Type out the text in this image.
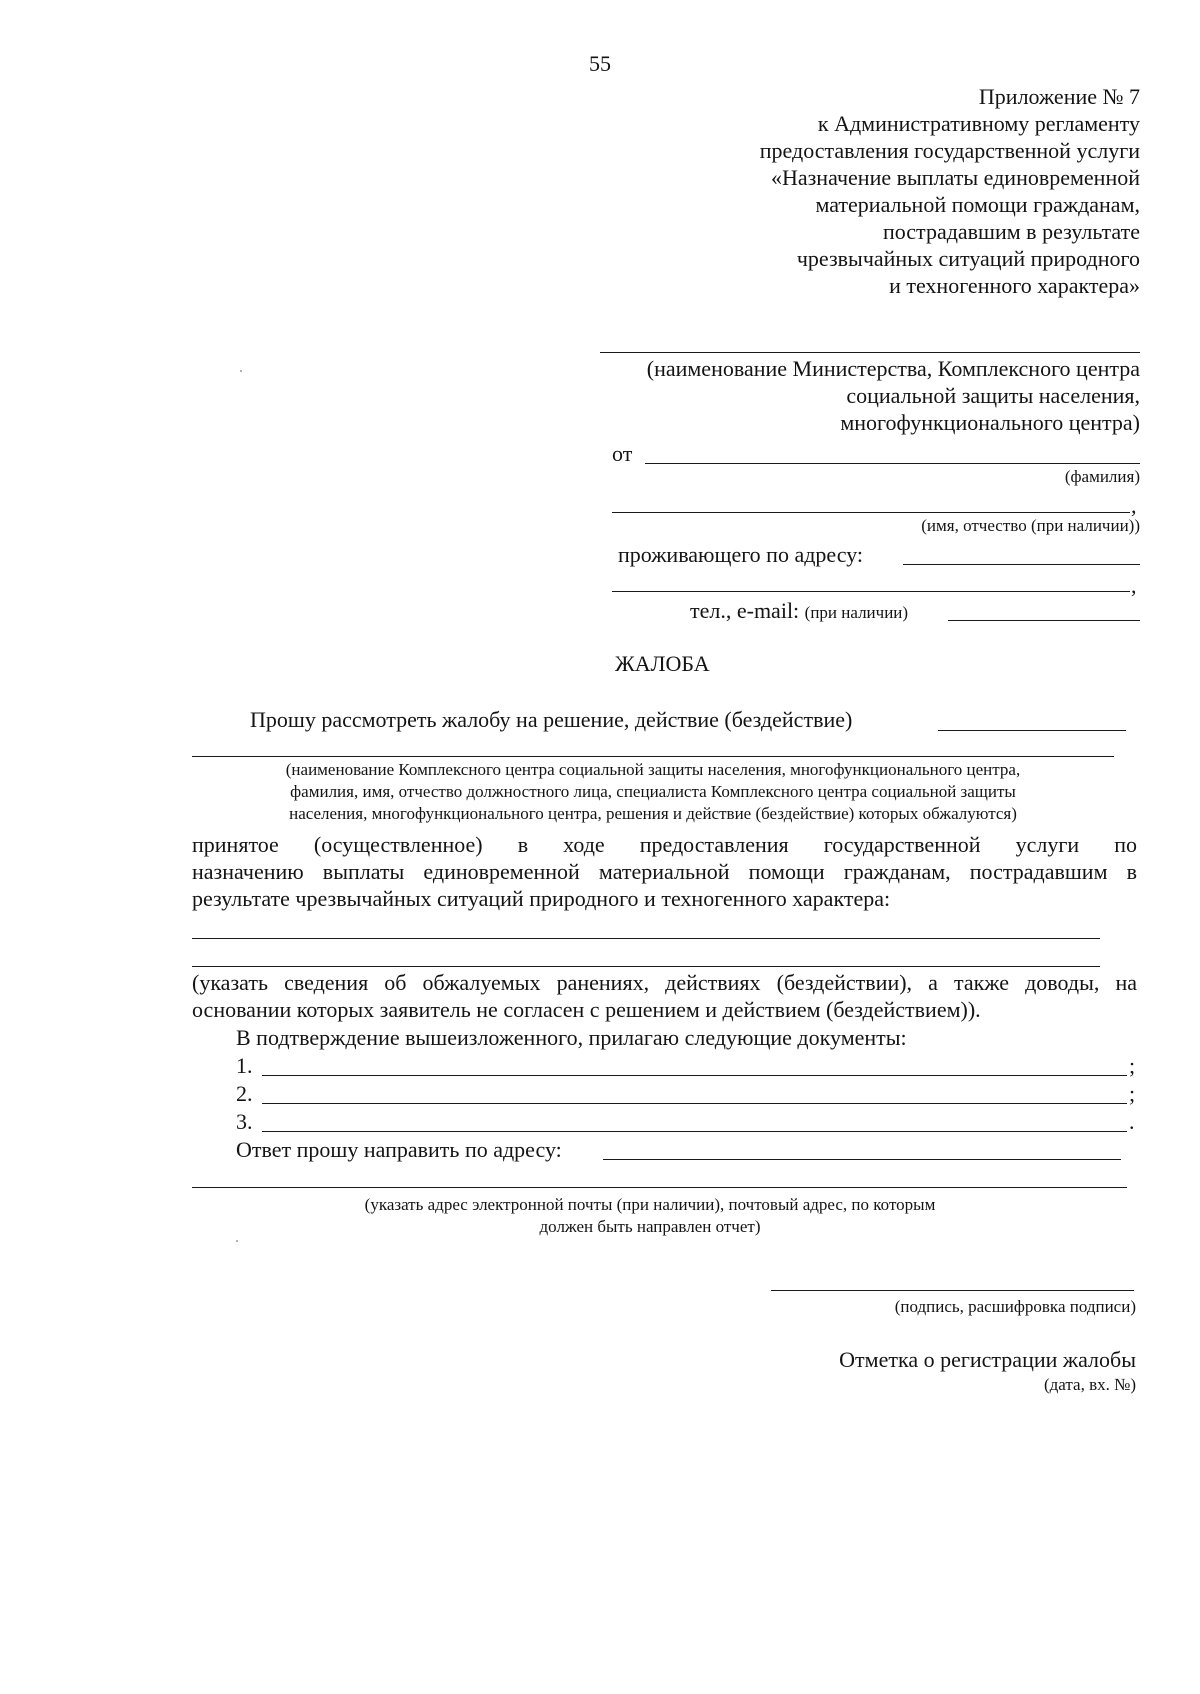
55
Приложение № 7
к Административному регламенту
предоставления государственной услуги
«Назначение выплаты единовременной
материальной помощи гражданам,
пострадавшим в результате
чрезвычайных ситуаций природного
и техногенного характера»
(наименование Министерства, Комплексного центра
социальной защиты населения,
многофункционального центра)
от
(фамилия)
,
(имя, отчество (при наличии))
проживающего по адресу:
,
тел., e-mail: (при наличии)
ЖАЛОБА
Прошу рассмотреть жалобу на решение, действие (бездействие)
(наименование Комплексного центра социальной защиты населения, многофункционального центра,
фамилия, имя, отчество должностного лица, специалиста Комплексного центра социальной защиты
населения, многофункционального центра, решения и действие (бездействие) которых обжалуются)
принятое (осуществленное) в ходе предоставления государственной услуги по
назначению выплаты единовременной материальной помощи гражданам, пострадавшим в
результате чрезвычайных ситуаций природного и техногенного характера:
(указать сведения об обжалуемых ранениях, действиях (бездействии), а также доводы, на
основании которых заявитель не согласен с решением и действием (бездействием)).
В подтверждение вышеизложенного, прилагаю следующие документы:
1.	;
2.	;
3.	.
Ответ прошу направить по адресу:
(указать адрес электронной почты (при наличии), почтовый адрес, по которым
должен быть направлен отчет)
(подпись, расшифровка подписи)
Отметка о регистрации жалобы
(дата, вх. №)
